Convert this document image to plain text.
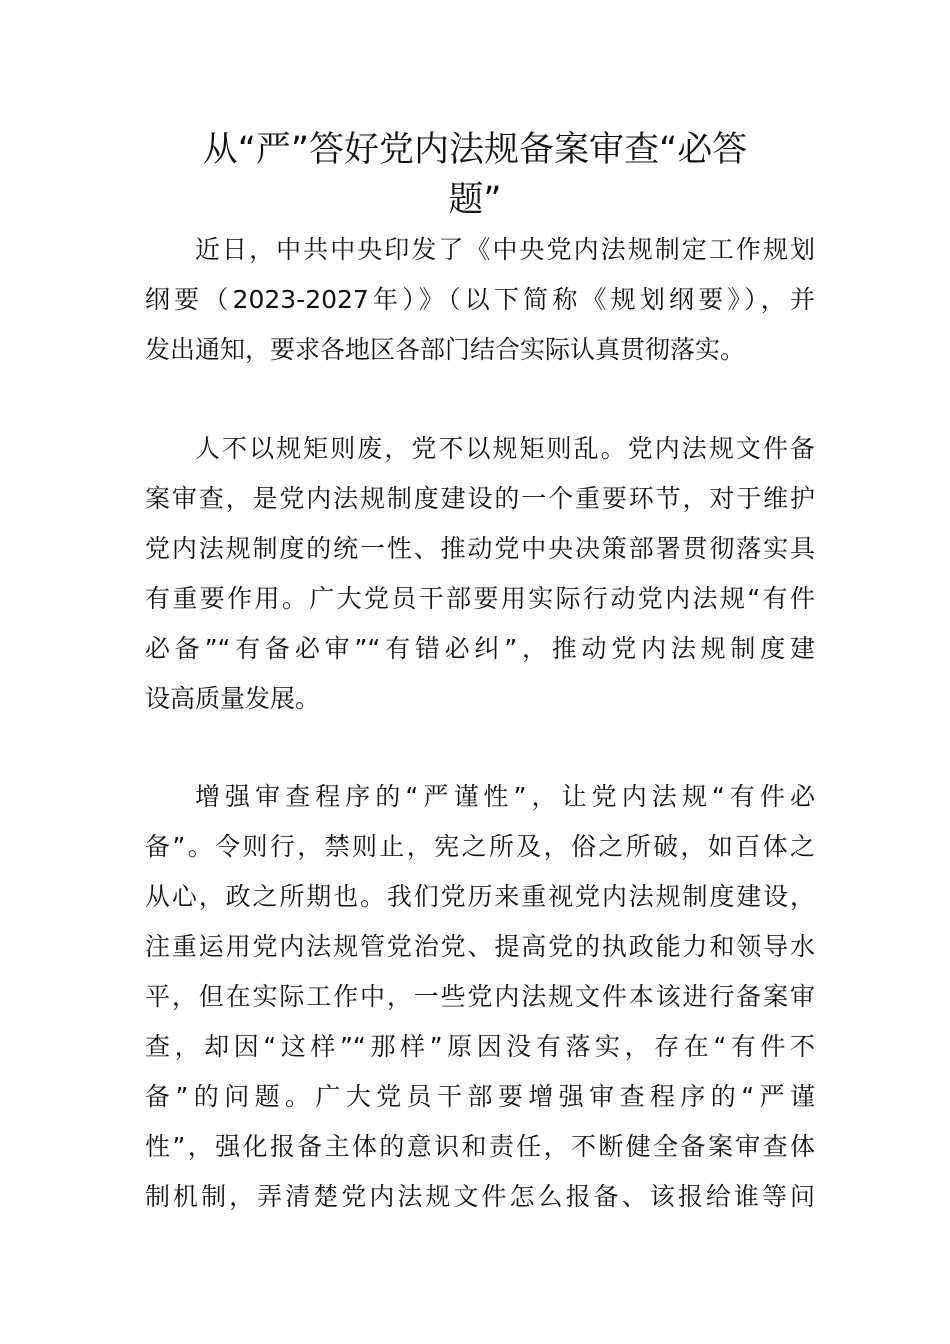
从“严”答好党内法规备案审查“必答
题”
近日，中共中央印发了《中央党内法规制定工作规划
纲要（2023-2027年）》（以下简称《规划纲要》），并
发出通知，要求各地区各部门结合实际认真贯彻落实。
人不以规矩则废，党不以规矩则乱。党内法规文件备
案审查，是党内法规制度建设的一个重要环节，对于维护
党内法规制度的统一性、推动党中央决策部署贯彻落实具
有重要作用。广大党员干部要用实际行动党内法规“有件
必备”“有备必审”“有错必纠”，推动党内法规制度建
设高质量发展。
增强审查程序的“严谨性”，让党内法规“有件必
备”。令则行，禁则止，宪之所及，俗之所破，如百体之
从心，政之所期也。我们党历来重视党内法规制度建设，
注重运用党内法规管党治党、提高党的执政能力和领导水
平，但在实际工作中，一些党内法规文件本该进行备案审
查，却因“这样”“那样”原因没有落实，存在“有件不
备”的问题。广大党员干部要增强审查程序的“严谨
性”，强化报备主体的意识和责任，不断健全备案审查体
制机制，弄清楚党内法规文件怎么报备、该报给谁等问
